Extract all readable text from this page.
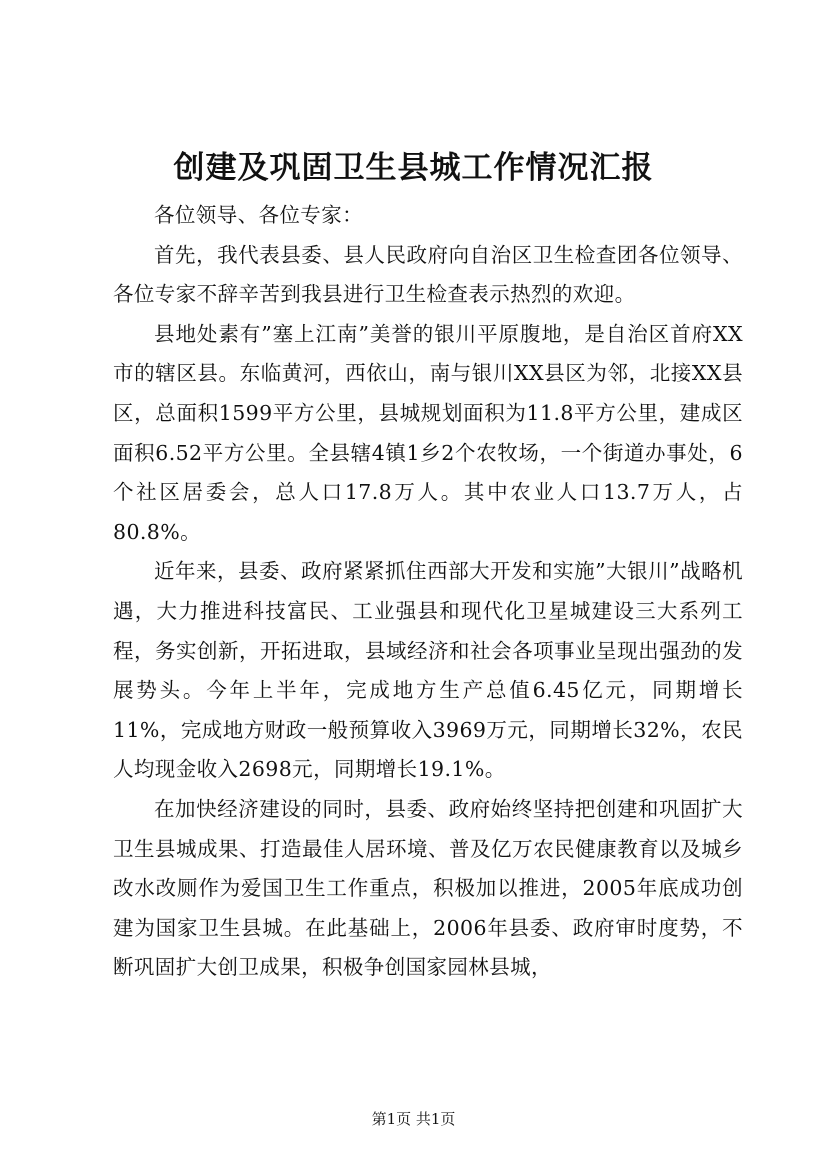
创建及巩固卫生县城工作情况汇报

各位领导、各位专家：

首先，我代表县委、县人民政府向自治区卫生检查团各位领导、各位专家不辞辛苦到我县进行卫生检查表示热烈的欢迎。

县地处素有”塞上江南”美誉的银川平原腹地，是自治区首府XX市的辖区县。东临黄河，西依山，南与银川XX县区为邻，北接XX县区，总面积1599平方公里，县城规划面积为11.8平方公里，建成区面积6.52平方公里。全县辖4镇1乡2个农牧场，一个街道办事处，6个社区居委会，总人口17.8万人。其中农业人口13.7万人，占80.8%。

近年来，县委、政府紧紧抓住西部大开发和实施”大银川”战略机遇，大力推进科技富民、工业强县和现代化卫星城建设三大系列工程，务实创新，开拓进取，县域经济和社会各项事业呈现出强劲的发展势头。今年上半年，完成地方生产总值6.45亿元，同期增长11%，完成地方财政一般预算收入3969万元，同期增长32%，农民人均现金收入2698元，同期增长19.1%。

在加快经济建设的同时，县委、政府始终坚持把创建和巩固扩大卫生县城成果、打造最佳人居环境、普及亿万农民健康教育以及城乡改水改厕作为爱国卫生工作重点，积极加以推进，2005年底成功创建为国家卫生县城。在此基础上，2006年县委、政府审时度势，不断巩固扩大创卫成果，积极争创国家园林县城，

第1页 共1页
